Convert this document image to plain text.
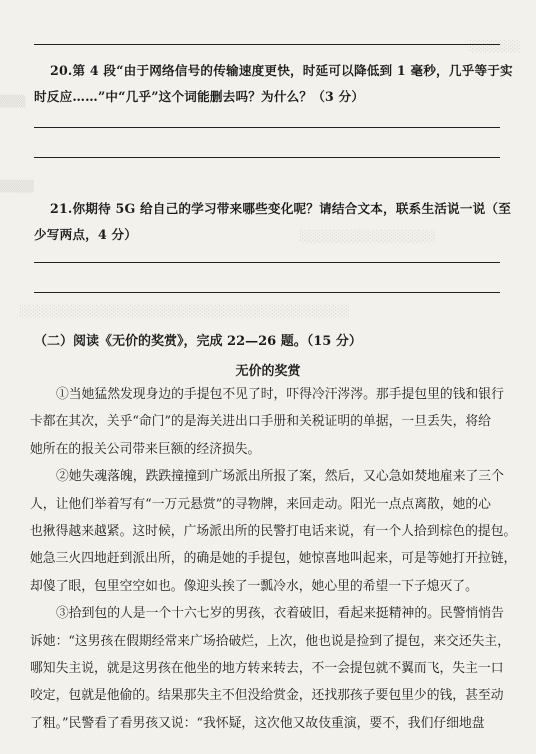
░░░░░░
▒▒▒
▒▒▒▒
░░░░░░░░░░░░░░░░
░░░░░░░░░░░░░░░░░░░░░░░░░░░░░░░░░░░░░░░
20.第 4 段“由于网络信号的传输速度更快，时延可以降低到 1 毫秒，几乎等于实
时反应……”中“几乎”这个词能删去吗？为什么？（3 分）
21.你期待 5G 给自己的学习带来哪些变化呢？请结合文本，联系生活说一说（至
少写两点，4 分）
（二）阅读《无价的奖赏》，完成 22—26 题。（15 分）
无价的奖赏
①当她猛然发现身边的手提包不见了时，吓得冷汗涔涔。那手提包里的钱和银行
卡都在其次，关乎“命门”的是海关进出口手册和关税证明的单据，一旦丢失，将给
她所在的报关公司带来巨额的经济损失。
②她失魂落魄，跌跌撞撞到广场派出所报了案，然后，又心急如焚地雇来了三个
人，让他们举着写有“一万元悬赏”的寻物牌，来回走动。阳光一点点离散，她的心
也揪得越来越紧。这时候，广场派出所的民警打电话来说，有一个人拾到棕色的提包。
她急三火四地赶到派出所，的确是她的手提包，她惊喜地叫起来，可是等她打开拉链，
却傻了眼，包里空空如也。像迎头挨了一瓢冷水，她心里的希望一下子熄灭了。
③拾到包的人是一个十六七岁的男孩，衣着破旧，看起来挺精神的。民警悄悄告
诉她：“这男孩在假期经常来广场拾破烂，上次，他也说是捡到了提包，来交还失主，
哪知失主说，就是这男孩在他坐的地方转来转去，不一会提包就不翼而飞，失主一口
咬定，包就是他偷的。结果那失主不但没给赏金，还找那孩子要包里少的钱，甚至动
了粗。”民警看了看男孩又说：“我怀疑，这次他又故伎重演，要不，我们仔细地盘
